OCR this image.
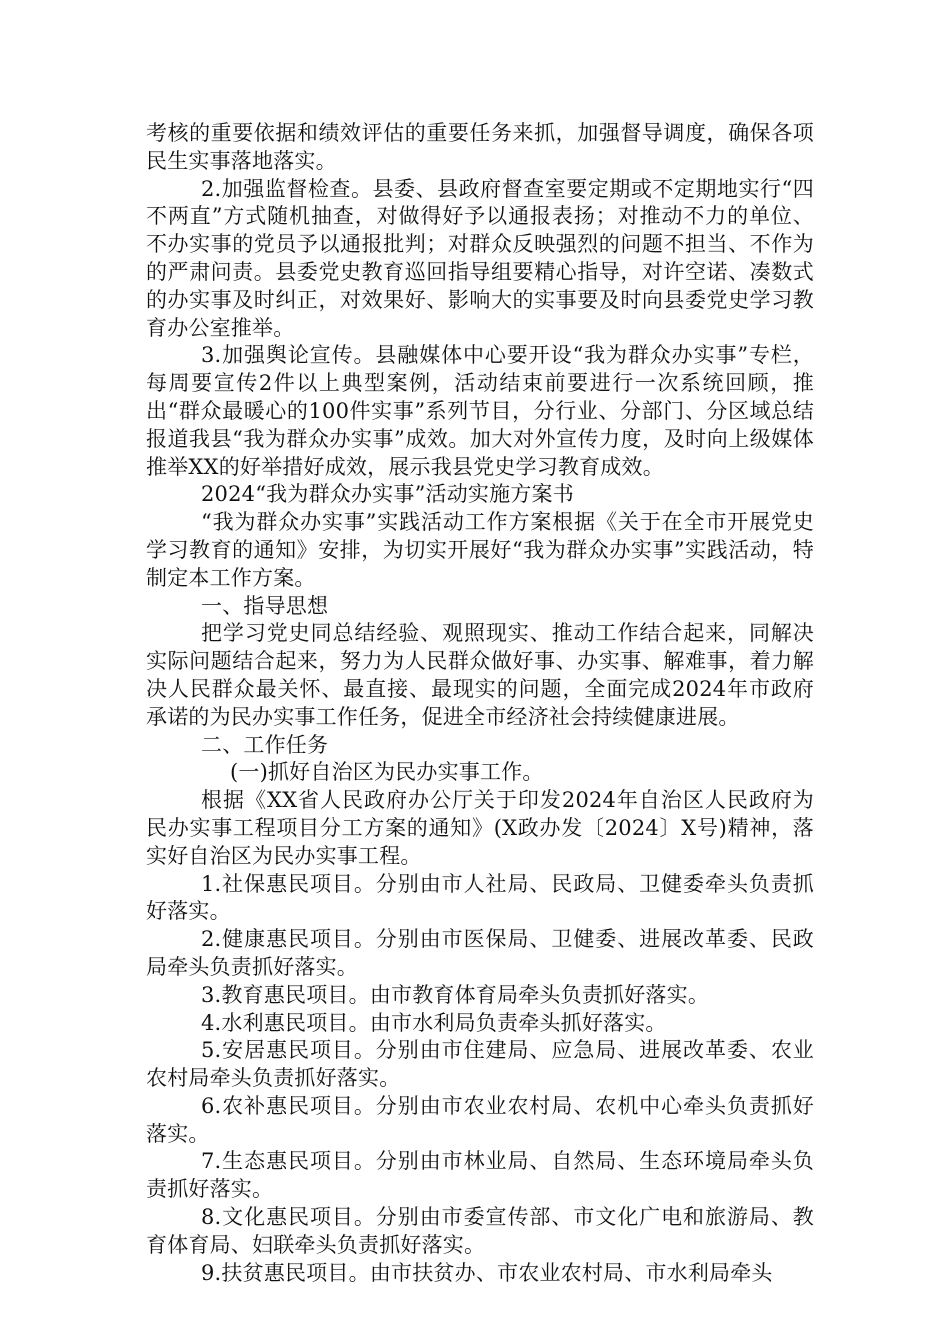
考核的重要依据和绩效评估的重要任务来抓，加强督导调度，确保各项民生实事落地落实。

2.加强监督检查。县委、县政府督查室要定期或不定期地实行“四不两直”方式随机抽查，对做得好予以通报表扬；对推动不力的单位、不办实事的党员予以通报批判；对群众反映强烈的问题不担当、不作为的严肃问责。县委党史教育巡回指导组要精心指导，对许空诺、凑数式的办实事及时纠正，对效果好、影响大的实事要及时向县委党史学习教育办公室推举。

3.加强舆论宣传。县融媒体中心要开设“我为群众办实事”专栏，每周要宣传2件以上典型案例，活动结束前要进行一次系统回顾，推出“群众最暖心的100件实事”系列节目，分行业、分部门、分区域总结报道我县“我为群众办实事”成效。加大对外宣传力度，及时向上级媒体推举XX的好举措好成效，展示我县党史学习教育成效。

2024“我为群众办实事”活动实施方案书

“我为群众办实事”实践活动工作方案根据《关于在全市开展党史学习教育的通知》安排，为切实开展好“我为群众办实事”实践活动，特制定本工作方案。

一、指导思想

把学习党史同总结经验、观照现实、推动工作结合起来，同解决实际问题结合起来，努力为人民群众做好事、办实事、解难事，着力解决人民群众最关怀、最直接、最现实的问题，全面完成2024年市政府承诺的为民办实事工作任务，促进全市经济社会持续健康进展。

二、工作任务

(一)抓好自治区为民办实事工作。

根据《XX省人民政府办公厅关于印发2024年自治区人民政府为民办实事工程项目分工方案的通知》(X政办发〔2024〕X号)精神，落实好自治区为民办实事工程。

1.社保惠民项目。分别由市人社局、民政局、卫健委牵头负责抓好落实。

2.健康惠民项目。分别由市医保局、卫健委、进展改革委、民政局牵头负责抓好落实。

3.教育惠民项目。由市教育体育局牵头负责抓好落实。

4.水利惠民项目。由市水利局负责牵头抓好落实。

5.安居惠民项目。分别由市住建局、应急局、进展改革委、农业农村局牵头负责抓好落实。

6.农补惠民项目。分别由市农业农村局、农机中心牵头负责抓好落实。

7.生态惠民项目。分别由市林业局、自然局、生态环境局牵头负责抓好落实。

8.文化惠民项目。分别由市委宣传部、市文化广电和旅游局、教育体育局、妇联牵头负责抓好落实。

9.扶贫惠民项目。由市扶贫办、市农业农村局、市水利局牵头
